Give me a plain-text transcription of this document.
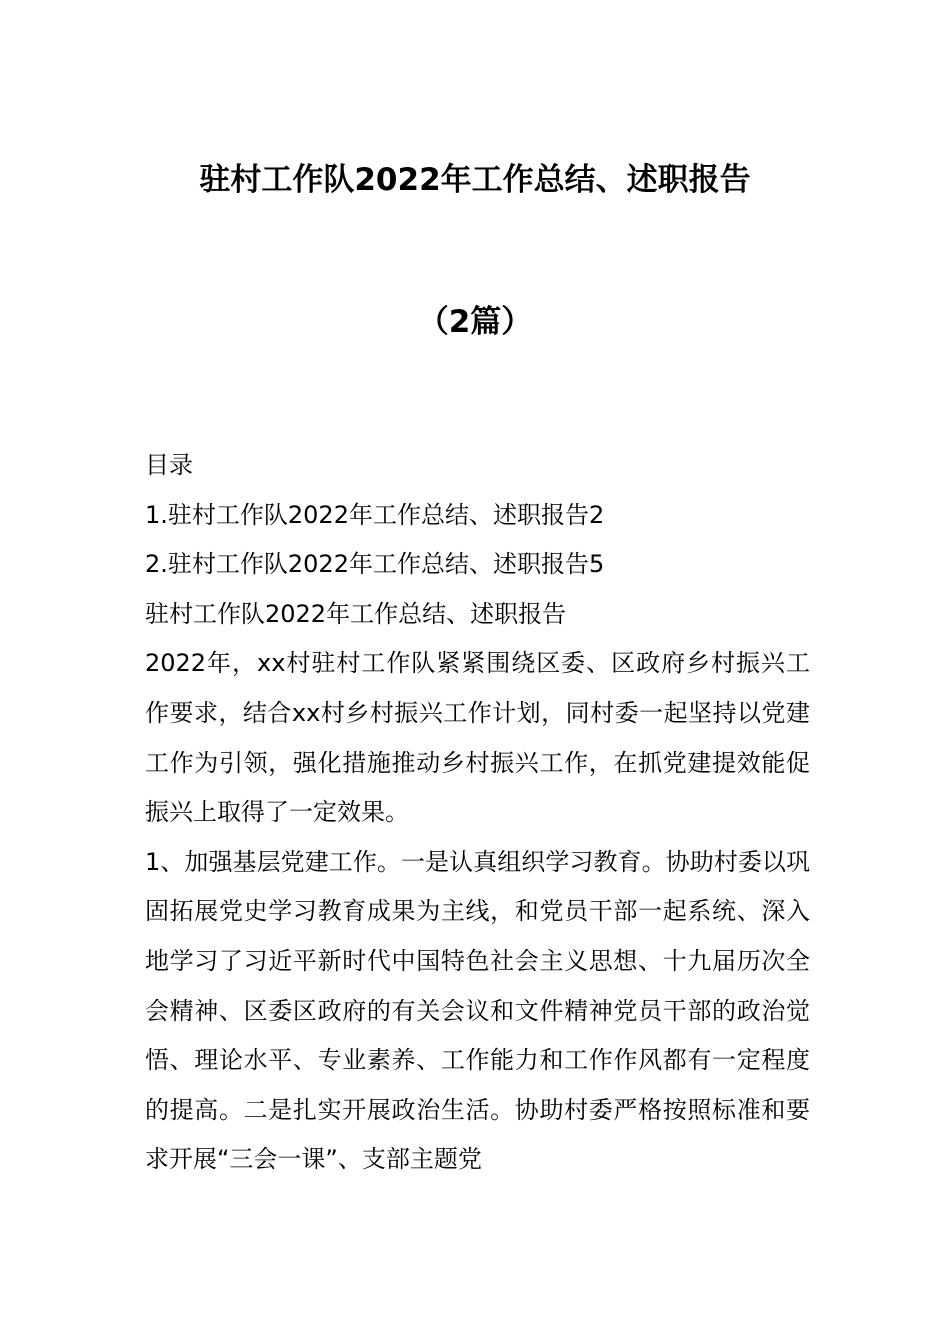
驻村工作队2022年工作总结、述职报告
（2篇）

目录

1.驻村工作队2022年工作总结、述职报告2

2.驻村工作队2022年工作总结、述职报告5

驻村工作队2022年工作总结、述职报告

2022年，xx村驻村工作队紧紧围绕区委、区政府乡村振兴工作要求，结合xx村乡村振兴工作计划，同村委一起坚持以党建工作为引领，强化措施推动乡村振兴工作，在抓党建提效能促振兴上取得了一定效果。

1、加强基层党建工作。一是认真组织学习教育。协助村委以巩固拓展党史学习教育成果为主线，和党员干部一起系统、深入地学习了习近平新时代中国特色社会主义思想、十九届历次全会精神、区委区政府的有关会议和文件精神党员干部的政治觉悟、理论水平、专业素养、工作能力和工作作风都有一定程度的提高。二是扎实开展政治生活。协助村委严格按照标准和要求开展“三会一课”、支部主题党
